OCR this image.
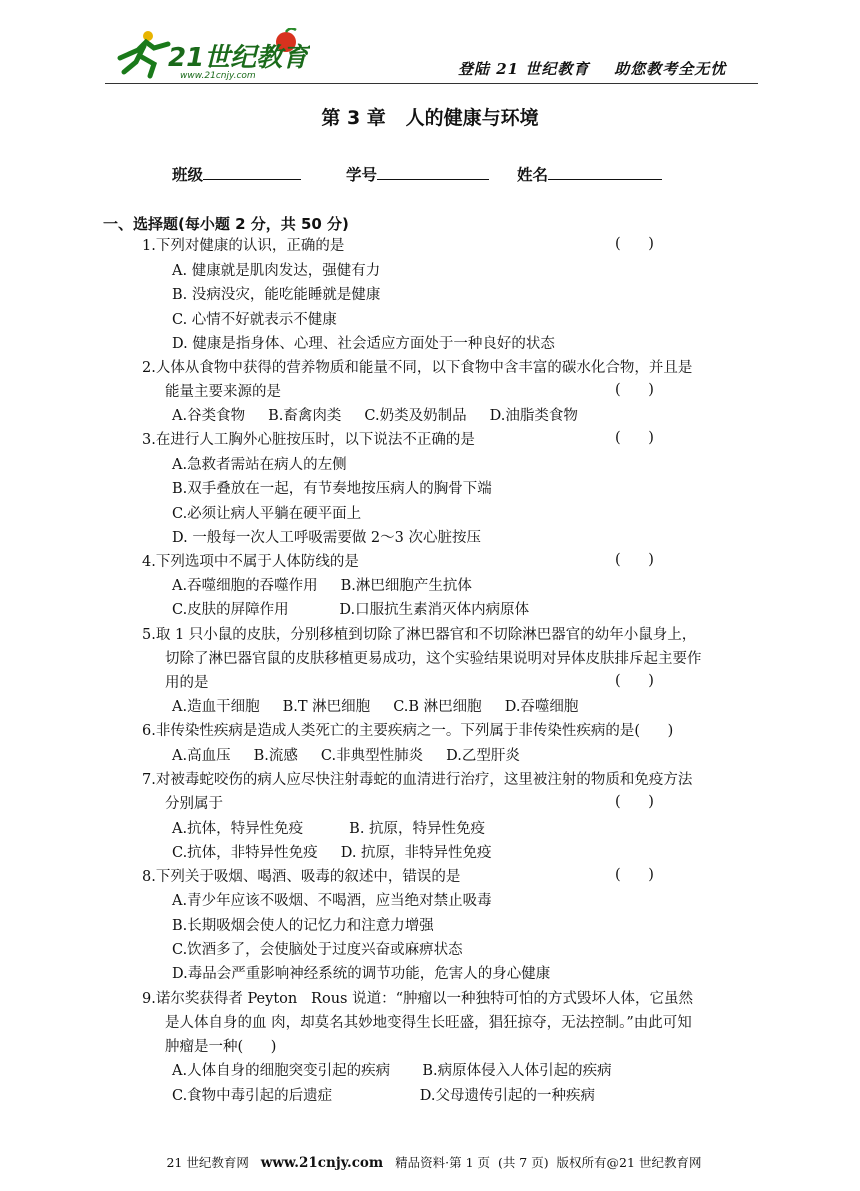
21世纪教育
www.21cnjy.com	登陆 21 世纪教育    助您教考全无忧
第 3 章   人的健康与环境
班级	学号	姓名
一、选择题(每小题 2 分，共 50 分)
1.下列对健康的认识，正确的是	(      )
A. 健康就是肌肉发达，强健有力
B. 没病没灾，能吃能睡就是健康
C. 心情不好就表示不健康
D. 健康是指身体、心理、社会适应方面处于一种良好的状态
2.人体从食物中获得的营养物质和能量不同，以下食物中含丰富的碳水化合物，并且是
能量主要来源的是	(      )
A.谷类食物     B.畜禽肉类     C.奶类及奶制品     D.油脂类食物
3.在进行人工胸外心脏按压时，以下说法不正确的是	(      )
A.急救者需站在病人的左侧
B.双手叠放在一起，有节奏地按压病人的胸骨下端
C.必须让病人平躺在硬平面上
D. 一般每一次人工呼吸需要做 2～3 次心脏按压
4.下列选项中不属于人体防线的是	(      )
A.吞噬细胞的吞噬作用     B.淋巴细胞产生抗体
C.皮肤的屏障作用           D.口服抗生素消灭体内病原体
5.取 1 只小鼠的皮肤，分别移植到切除了淋巴器官和不切除淋巴器官的幼年小鼠身上，
切除了淋巴器官鼠的皮肤移植更易成功，这个实验结果说明对异体皮肤排斥起主要作
用的是	(      )
A.造血干细胞     B.T 淋巴细胞     C.B 淋巴细胞     D.吞噬细胞
6.非传染性疾病是造成人类死亡的主要疾病之一。下列属于非传染性疾病的是(      )
A.高血压     B.流感     C.非典型性肺炎     D.乙型肝炎
7.对被毒蛇咬伤的病人应尽快注射毒蛇的血清进行治疗，这里被注射的物质和免疫方法
分别属于	(      )
A.抗体，特异性免疫          B. 抗原，特异性免疫
C.抗体，非特异性免疫     D. 抗原，非特异性免疫
8.下列关于吸烟、喝酒、吸毒的叙述中，错误的是	(      )
A.青少年应该不吸烟、不喝酒，应当绝对禁止吸毒
B.长期吸烟会使人的记忆力和注意力增强
C.饮酒多了，会使脑处于过度兴奋或麻痹状态
D.毒品会严重影响神经系统的调节功能，危害人的身心健康
9.诺尔奖获得者 Peyton   Rous 说道：“肿瘤以一种独特可怕的方式毁坏人体，它虽然
是人体自身的血 肉，却莫名其妙地变得生长旺盛，猖狂掠夺，无法控制。”由此可知
肿瘤是一种(      )
A.人体自身的细胞突变引起的疾病       B.病原体侵入人体引起的疾病
C.食物中毒引起的后遗症                   D.父母遗传引起的一种疾病

21 世纪教育网   www.21cnjy.com   精品资料·第 1 页  (共 7 页)  版权所有@21 世纪教育网
